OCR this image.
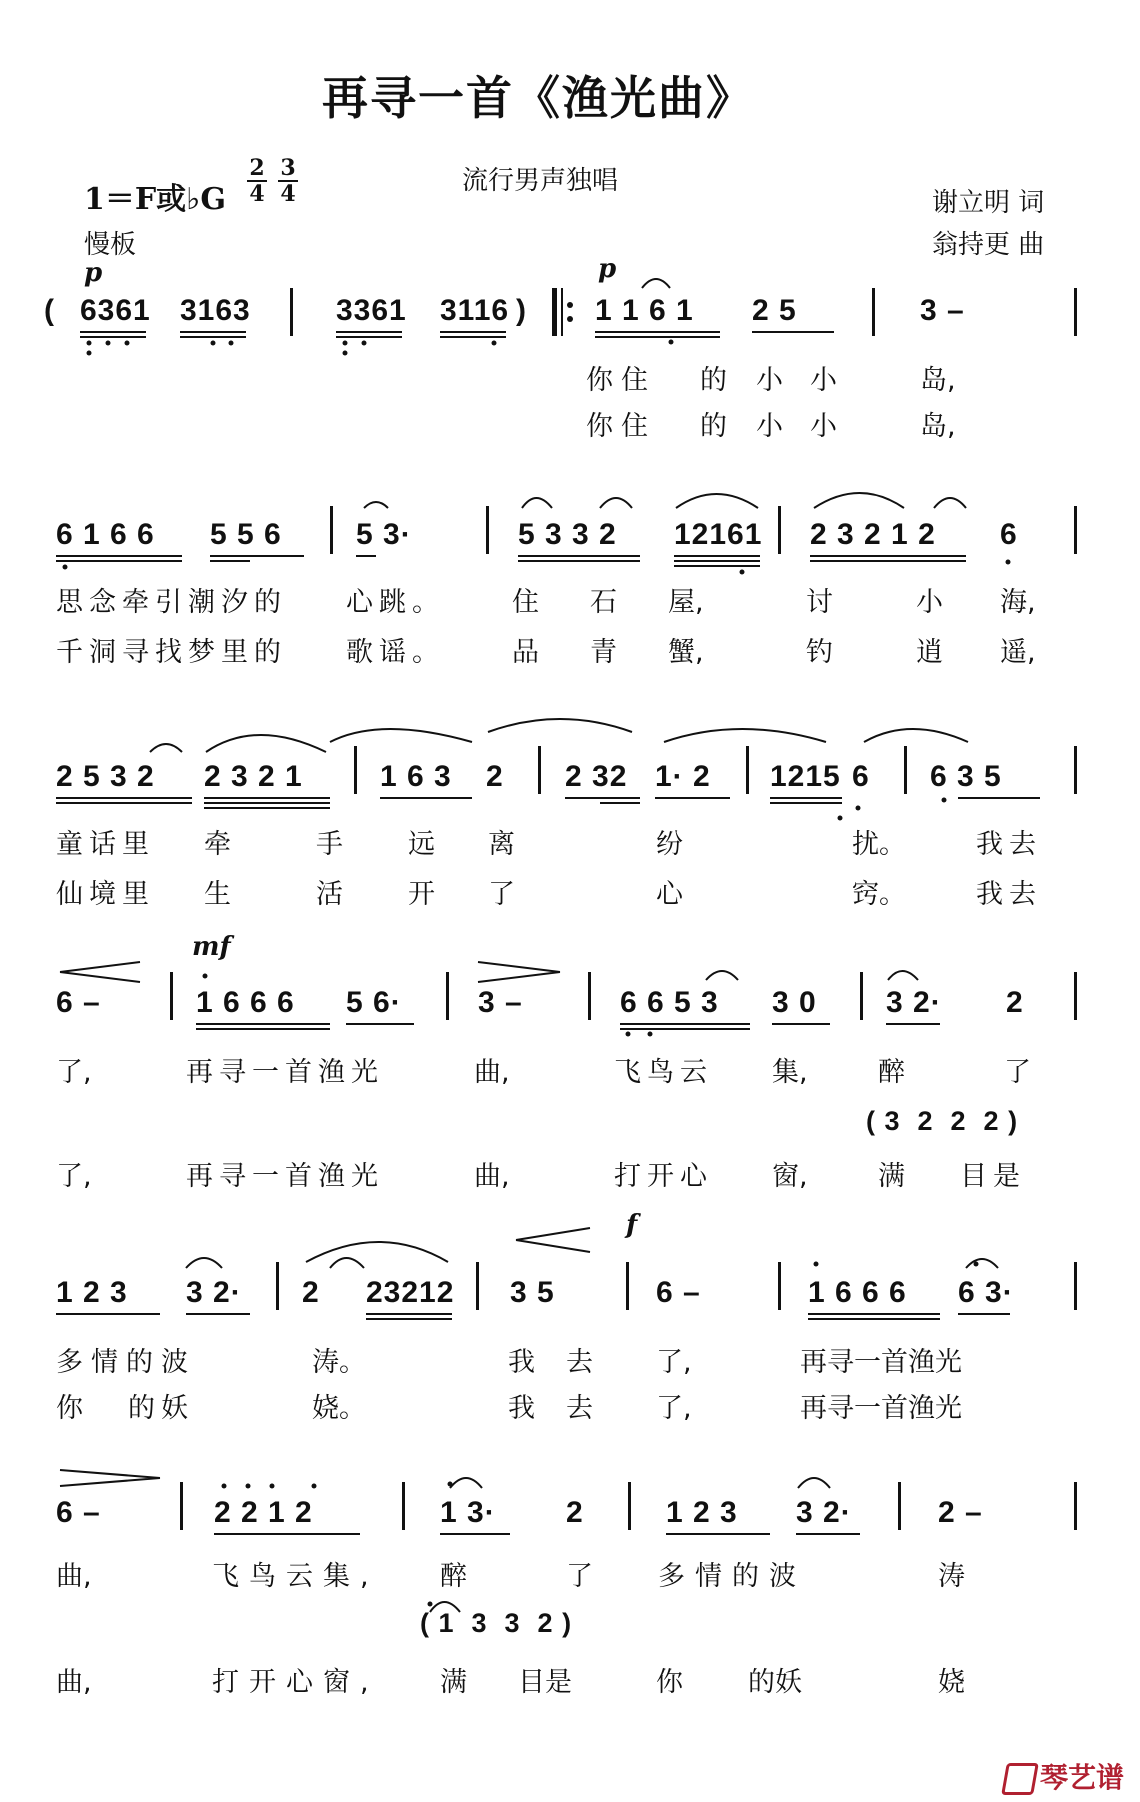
再寻一首《渔光曲》
1＝F或♭G
2
4
3
4	流行男声独唱
慢板
谢立明 词
翁持更 曲
p	p
mf
f
( 6361 3163	3361 3116 ) 1 1 6 1 2 5	3 –
你住 的 小 小	岛,
你住 的 小 小	岛,
6 1 6 6 5 5 6 5 3·	5 3 3 2 12161 2 3 2 1 2 6
思念牵引潮汐的 心跳。 住 石 屋,	讨	小 海,
千洞寻找梦里的 歌谣。 品 青 蟹,	钓	逍 遥,
2 5 3 2 2 3 2 1	1 6 3 2 2 32 1· 2 1215 6 6 3 5
童话里 牵	手 远 离	纷	扰。	我去
仙境里 生	活 开 了	心	窍。	我去
6 –	1 6 6 6 5 6·	3 –	6 6 5 3 3 0 3 2· 2
了,	再寻一首渔光	曲,	飞鸟云 集,	醉	了
( 3  2  2  2 )
了,	再寻一首渔光	曲,	打开心 窗,	满 目是
1 2 3 3 2· 2 23212 3 5	6 –	1 6 6 6 6 3·
多情的波	涛。	我 去 了,	再寻一首渔光
你 的妖	娆。	我 去 了,	再寻一首渔光
6 –	2 2 1 2	1 3· 2	1 2 3 3 2·	2 –
曲,	飞鸟云集, 醉	了 多情的波	涛
( 1  3  3  2 )
曲,	打开心窗, 满 目是	你 的妖	娆
琴艺谱
